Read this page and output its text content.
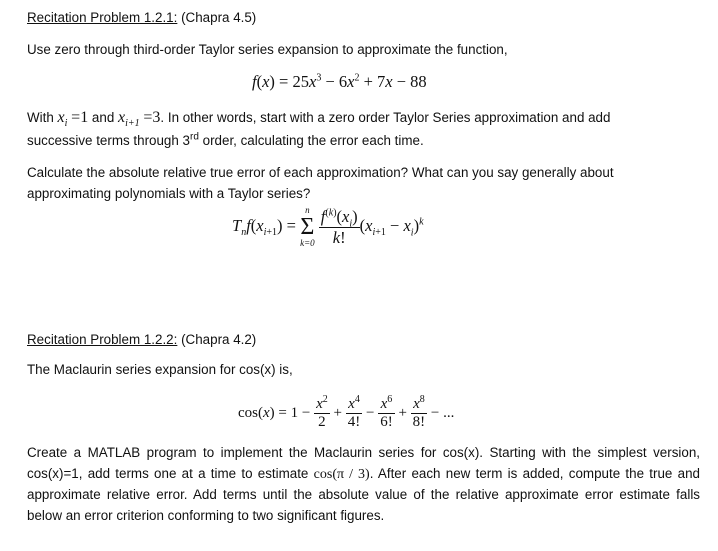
Recitation Problem 1.2.1: (Chapra 4.5)
Use zero through third-order Taylor series expansion to approximate the function,
$f(x) = 25x^3 - 6x^2 + 7x - 88$
With $x_i =1$ and $x_{i+1} =3$. In other words, start with a zero order Taylor Series approximation and add
successive terms through 3rd order, calculating the error each time.
Calculate the absolute relative true error of each approximation? What can you say generally about approximating polynomials with a Taylor series?
$T_nf(x_{i+1})$ =
n
Σ
k=0
$\frac{f^{(k)}(x_i)}{k!} (x_{i+1} - x_i)^k$
Recitation Problem 1.2.2: (Chapra 4.2)
The Maclaurin series expansion for cos(x) is,
$\cos(x) = 1 - \frac{x^2}{2} + \frac{x^4}{4!} - \frac{x^6}{6!} + \frac{x^8}{8!}$ − ...
Create a MATLAB program to implement the Maclaurin series for cos(x). Starting with the simplest version, cos(x)=1, add terms one at a time to estimate cos(π / 3). After each new term is added, compute the true and approximate relative error. Add terms until the absolute value of the relative approximate error estimate falls below an error criterion conforming to two significant figures.
